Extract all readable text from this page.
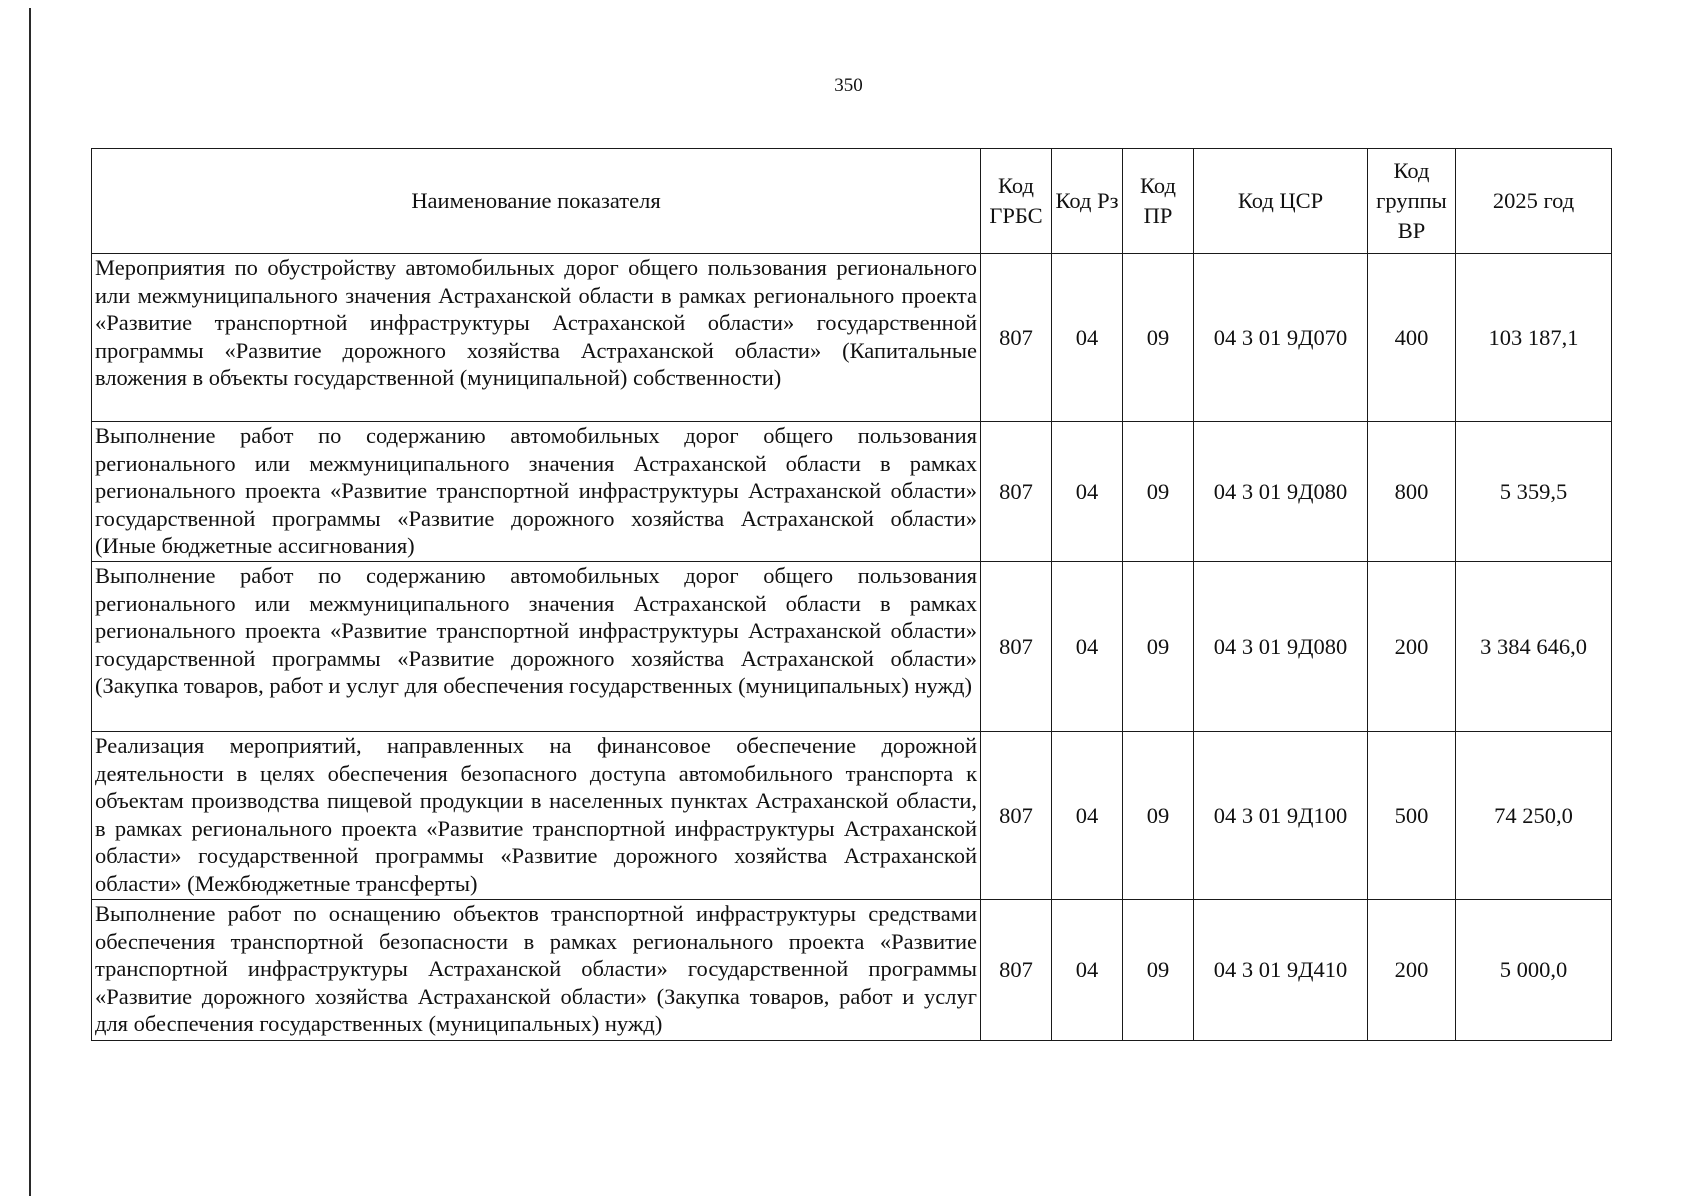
350
Наименование показателя	Код ГРБС	Код Рз	Код ПР	Код ЦСР	Код группы ВР	2025 год
Мероприятия по обустройству автомобильных дорог общего пользования регионального или межмуниципального значения Астраханской области в рамках регионального проекта «Развитие транспортной инфраструктуры Астраханской области» государственной программы «Развитие дорожного хозяйства Астраханской области» (Капитальные вложения в объекты государственной (муниципальной) собственности)	807	04	09	04 3 01 9Д070	400	103 187,1
Выполнение работ по содержанию автомобильных дорог общего пользования регионального или межмуниципального значения Астраханской области в рамках регионального проекта «Развитие транспортной инфраструктуры Астраханской области» государственной программы «Развитие дорожного хозяйства Астраханской области» (Иные бюджетные ассигнования)	807	04	09	04 3 01 9Д080	800	5 359,5
Выполнение работ по содержанию автомобильных дорог общего пользования регионального или межмуниципального значения Астраханской области в рамках регионального проекта «Развитие транспортной инфраструктуры Астраханской области» государственной программы «Развитие дорожного хозяйства Астраханской области» (Закупка товаров, работ и услуг для обеспечения государственных (муниципальных) нужд)	807	04	09	04 3 01 9Д080	200	3 384 646,0
Реализация мероприятий, направленных на финансовое обеспечение дорожной деятельности в целях обеспечения безопасного доступа автомобильного транспорта к объектам производства пищевой продукции в населенных пунктах Астраханской области, в рамках регионального проекта «Развитие транспортной инфраструктуры Астраханской области» государственной программы «Развитие дорожного хозяйства Астраханской области» (Межбюджетные трансферты)	807	04	09	04 3 01 9Д100	500	74 250,0
Выполнение работ по оснащению объектов транспортной инфраструктуры средствами обеспечения транспортной безопасности в рамках регионального проекта «Развитие транспортной инфраструктуры Астраханской области» государственной программы «Развитие дорожного хозяйства Астраханской области» (Закупка товаров, работ и услуг для обеспечения государственных (муниципальных) нужд)	807	04	09	04 3 01 9Д410	200	5 000,0
